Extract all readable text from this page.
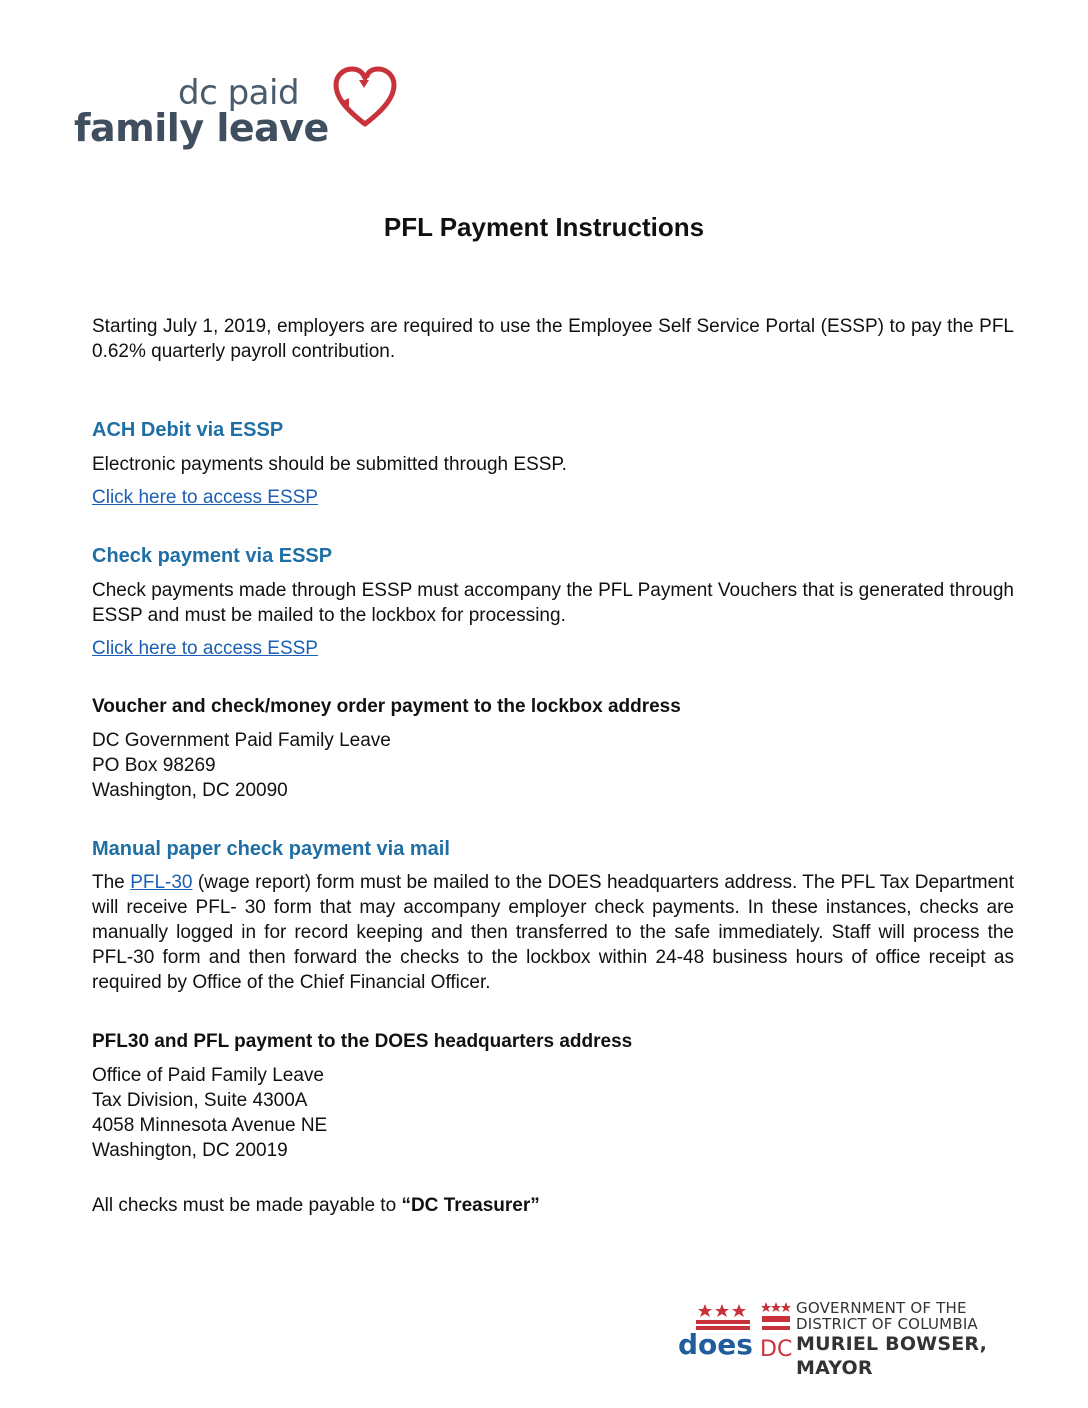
dc paid
family leave
PFL Payment Instructions

Starting July 1, 2019, employers are required to use the Employee Self Service Portal (ESSP) to pay the PFL 0.62% quarterly payroll contribution.

ACH Debit via ESSP

Electronic payments should be submitted through ESSP.

Click here to access ESSP

Check payment via ESSP

Check payments made through ESSP must accompany the PFL Payment Vouchers that is generated through ESSP and must be mailed to the lockbox for processing.

Click here to access ESSP

Voucher and check/money order payment to the lockbox address

DC Government Paid Family Leave
PO Box 98269
Washington, DC 20090

Manual paper check payment via mail

The PFL-30 (wage report) form must be mailed to the DOES headquarters address. The PFL Tax Department will receive PFL- 30 form that may accompany employer check payments. In these instances, checks are manually logged in for record keeping and then transferred to the safe immediately. Staff will process the PFL-30 form and then forward the checks to the lockbox within 24-48 business hours of office receipt as required by Office of the Chief Financial Officer.

PFL30 and PFL payment to the DOES headquarters address

Office of Paid Family Leave
Tax Division, Suite 4300A
4058 Minnesota Avenue NE
Washington, DC 20019

All checks must be made payable to “DC Treasurer”

does DC
GOVERNMENT OF THE
DISTRICT OF COLUMBIA
MURIEL BOWSER, MAYOR
